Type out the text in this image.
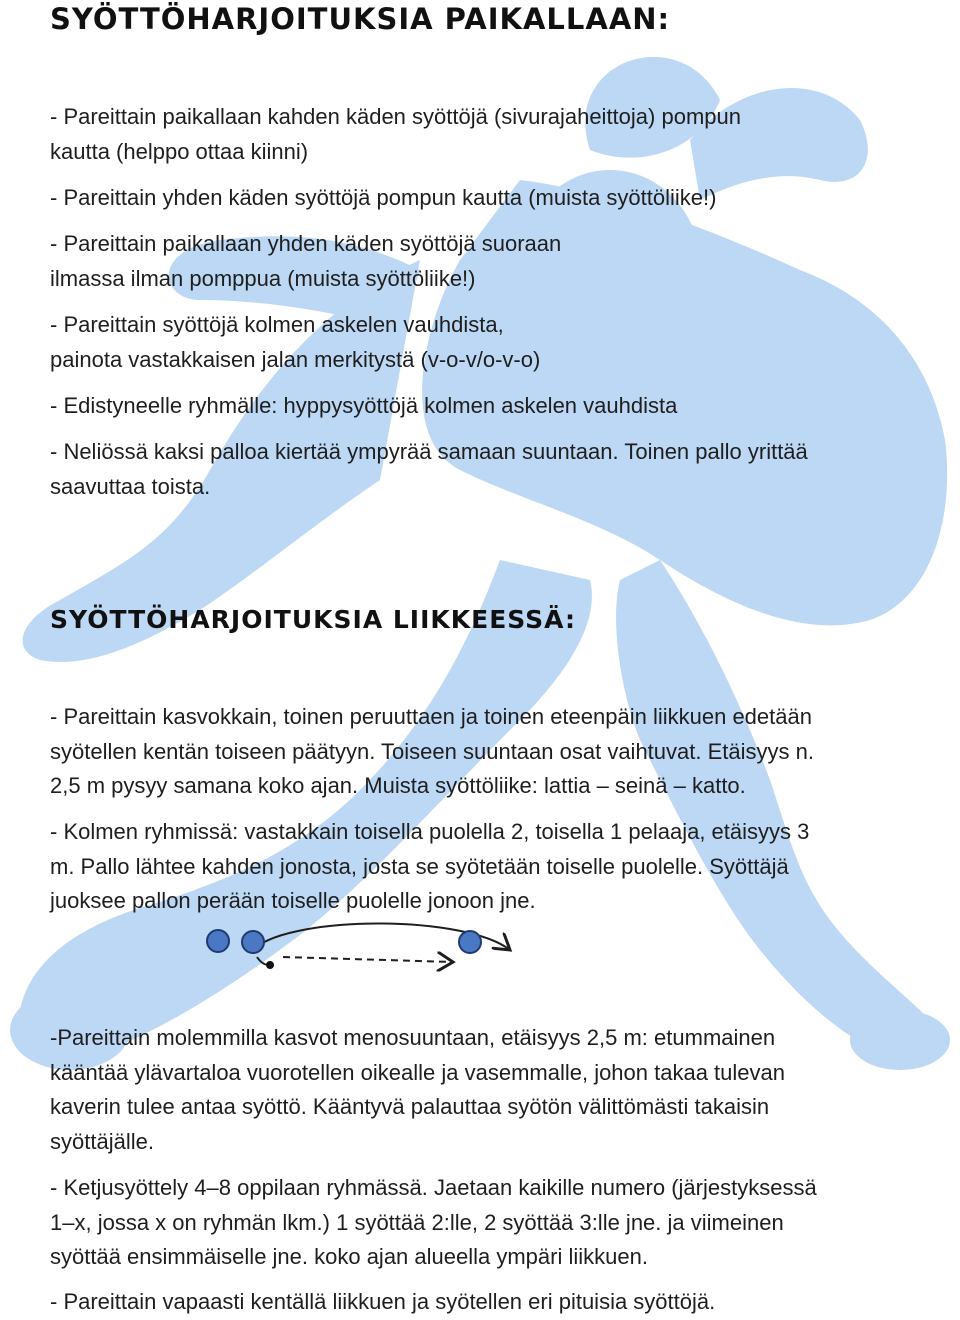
SYÖTTÖHARJOITUKSIA PAIKALLAAN:
- Pareittain paikallaan kahden käden syöttöjä (sivurajaheittoja) pompun
kautta (helppo ottaa kiinni)
- Pareittain yhden käden syöttöjä pompun kautta (muista syöttöliike!)
- Pareittain paikallaan yhden käden syöttöjä suoraan
ilmassa ilman pomppua (muista syöttöliike!)
- Pareittain syöttöjä kolmen askelen vauhdista,
painota vastakkaisen jalan merkitystä (v-o-v/o-v-o)
- Edistyneelle ryhmälle: hyppysyöttöjä kolmen askelen vauhdista
- Neliössä kaksi palloa kiertää ympyrää samaan suuntaan. Toinen pallo yrittää
saavuttaa toista.
SYÖTTÖHARJOITUKSIA LIIKKEESSÄ:
- Pareittain kasvokkain, toinen peruuttaen ja toinen eteenpäin liikkuen edetään
syötellen kentän toiseen päätyyn. Toiseen suuntaan osat vaihtuvat. Etäisyys n.
2,5 m pysyy samana koko ajan. Muista syöttöliike: lattia – seinä – katto.
- Kolmen ryhmissä: vastakkain toisella puolella 2, toisella 1 pelaaja, etäisyys 3
m. Pallo lähtee kahden jonosta, josta se syötetään toiselle puolelle. Syöttäjä
juoksee pallon perään toiselle puolelle jonoon jne.
-Pareittain molemmilla kasvot menosuuntaan, etäisyys 2,5 m: etummainen
kääntää ylävartaloa vuorotellen oikealle ja vasemmalle, johon takaa tulevan
kaverin tulee antaa syöttö. Kääntyvä palauttaa syötön välittömästi takaisin
syöttäjälle.
- Ketjusyöttely 4–8 oppilaan ryhmässä. Jaetaan kaikille numero (järjestyksessä
1–x, jossa x on ryhmän lkm.) 1 syöttää 2:lle, 2 syöttää 3:lle jne. ja viimeinen
syöttää ensimmäiselle jne. koko ajan alueella ympäri liikkuen.
- Pareittain vapaasti kentällä liikkuen ja syötellen eri pituisia syöttöjä.
